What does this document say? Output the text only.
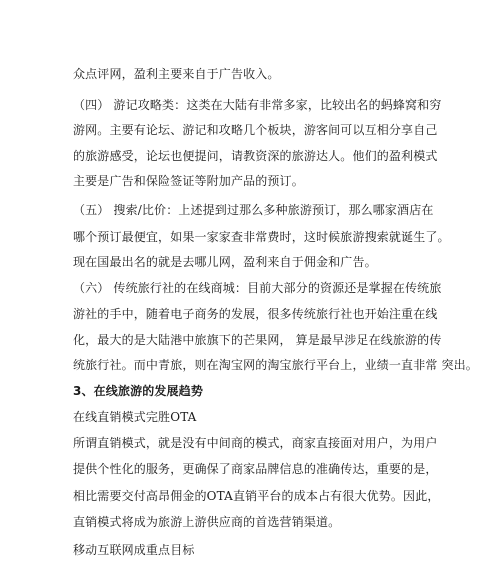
众点评网，盈利主要来自于广告收入。
（四） 游记攻略类：这类在大陆有非常多家，比较出名的蚂蜂窝和穷
游网。主要有论坛、游记和攻略几个板块，游客间可以互相分享自己
的旅游感受，论坛也便提问，请教资深的旅游达人。他们的盈利模式
主要是广告和保险签证等附加产品的预订。
（五） 搜索/比价：上述提到过那么多种旅游预订，那么哪家酒店在
哪个预订最便宜，如果一家家查非常费时，这时候旅游搜索就诞生了。
现在国最出名的就是去哪儿网，盈利来自于佣金和广告。
（六） 传统旅行社的在线商城：目前大部分的资源还是掌握在传统旅
游社的手中，随着电子商务的发展，很多传统旅行社也开始注重在线
化，最大的是大陆港中旅旗下的芒果网， 算是最早涉足在线旅游的传
统旅行社。而中青旅，则在淘宝网的淘宝旅行平台上，业绩一直非常 突出。
3、在线旅游的发展趋势
在线直销模式完胜OTA
所谓直销模式，就是没有中间商的模式，商家直接面对用户，为用户
提供个性化的服务，更确保了商家品牌信息的准确传达，重要的是，
相比需要交付高昂佣金的OTA直销平台的成本占有很大优势。因此，
直销模式将成为旅游上游供应商的首选营销渠道。
移动互联网成重点目标
